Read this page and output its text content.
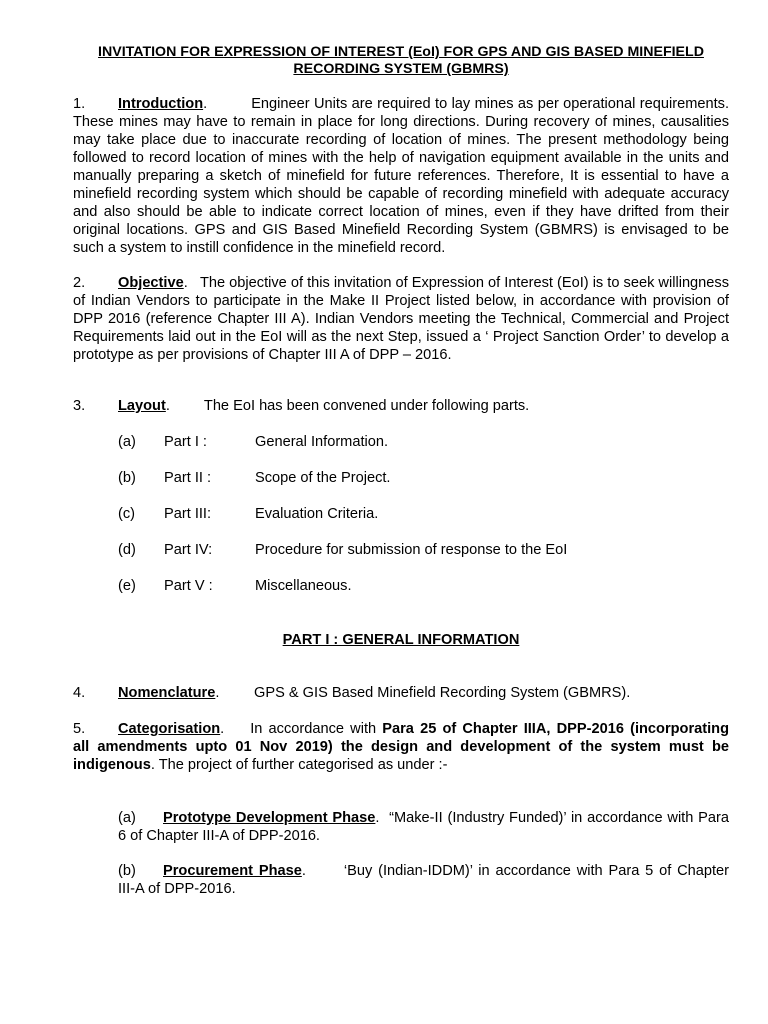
INVITATION FOR EXPRESSION OF INTEREST (EoI) FOR GPS AND GIS BASED MINEFIELD
RECORDING SYSTEM (GBMRS)
1. Introduction.	Engineer Units are required to lay mines as per operational requirements. These mines may have to remain in place for long directions. During recovery of mines, causalities may take place due to inaccurate recording of location of mines. The present methodology being followed to record location of mines with the help of navigation equipment available in the units and manually preparing a sketch of minefield for future references. Therefore, It is essential to have a minefield recording system which should be capable of recording minefield with adequate accuracy and also should be able to indicate correct location of mines, even if they have drifted from their original locations. GPS and GIS Based Minefield Recording System (GBMRS) is envisaged to be such a system to instill confidence in the minefield record.
2. Objective.   The objective of this invitation of Expression of Interest (EoI) is to seek willingness of Indian Vendors to participate in the Make II Project listed below, in accordance with provision of DPP 2016 (reference Chapter III A). Indian Vendors meeting the Technical, Commercial and Project Requirements laid out in the EoI will as the next Step, issued a ‘ Project Sanction Order’ to develop a prototype as per provisions of Chapter III A of DPP – 2016.
3. Layout. The EoI has been convened under following parts.
(a)	Part I :	General Information.
(b)	Part II :	Scope of the Project.
(c)	Part III:	Evaluation Criteria.
(d)	Part IV:	Procedure for submission of response to the EoI
(e)	Part V :	Miscellaneous.
PART I : GENERAL INFORMATION
4.	Nomenclature.	GPS & GIS Based Minefield Recording System (GBMRS).
5. Categorisation. In accordance with Para 25 of Chapter IIIA, DPP-2016 (incorporating all amendments upto 01 Nov 2019) the design and development of the system must be indigenous. The project of further categorised as under :-
(a) Prototype Development Phase.  “Make-II (Industry Funded)’ in accordance with Para 6 of Chapter III-A of DPP-2016.
(b) Procurement Phase.	‘Buy (Indian-IDDM)’ in accordance with Para 5 of Chapter III-A of DPP-2016.
